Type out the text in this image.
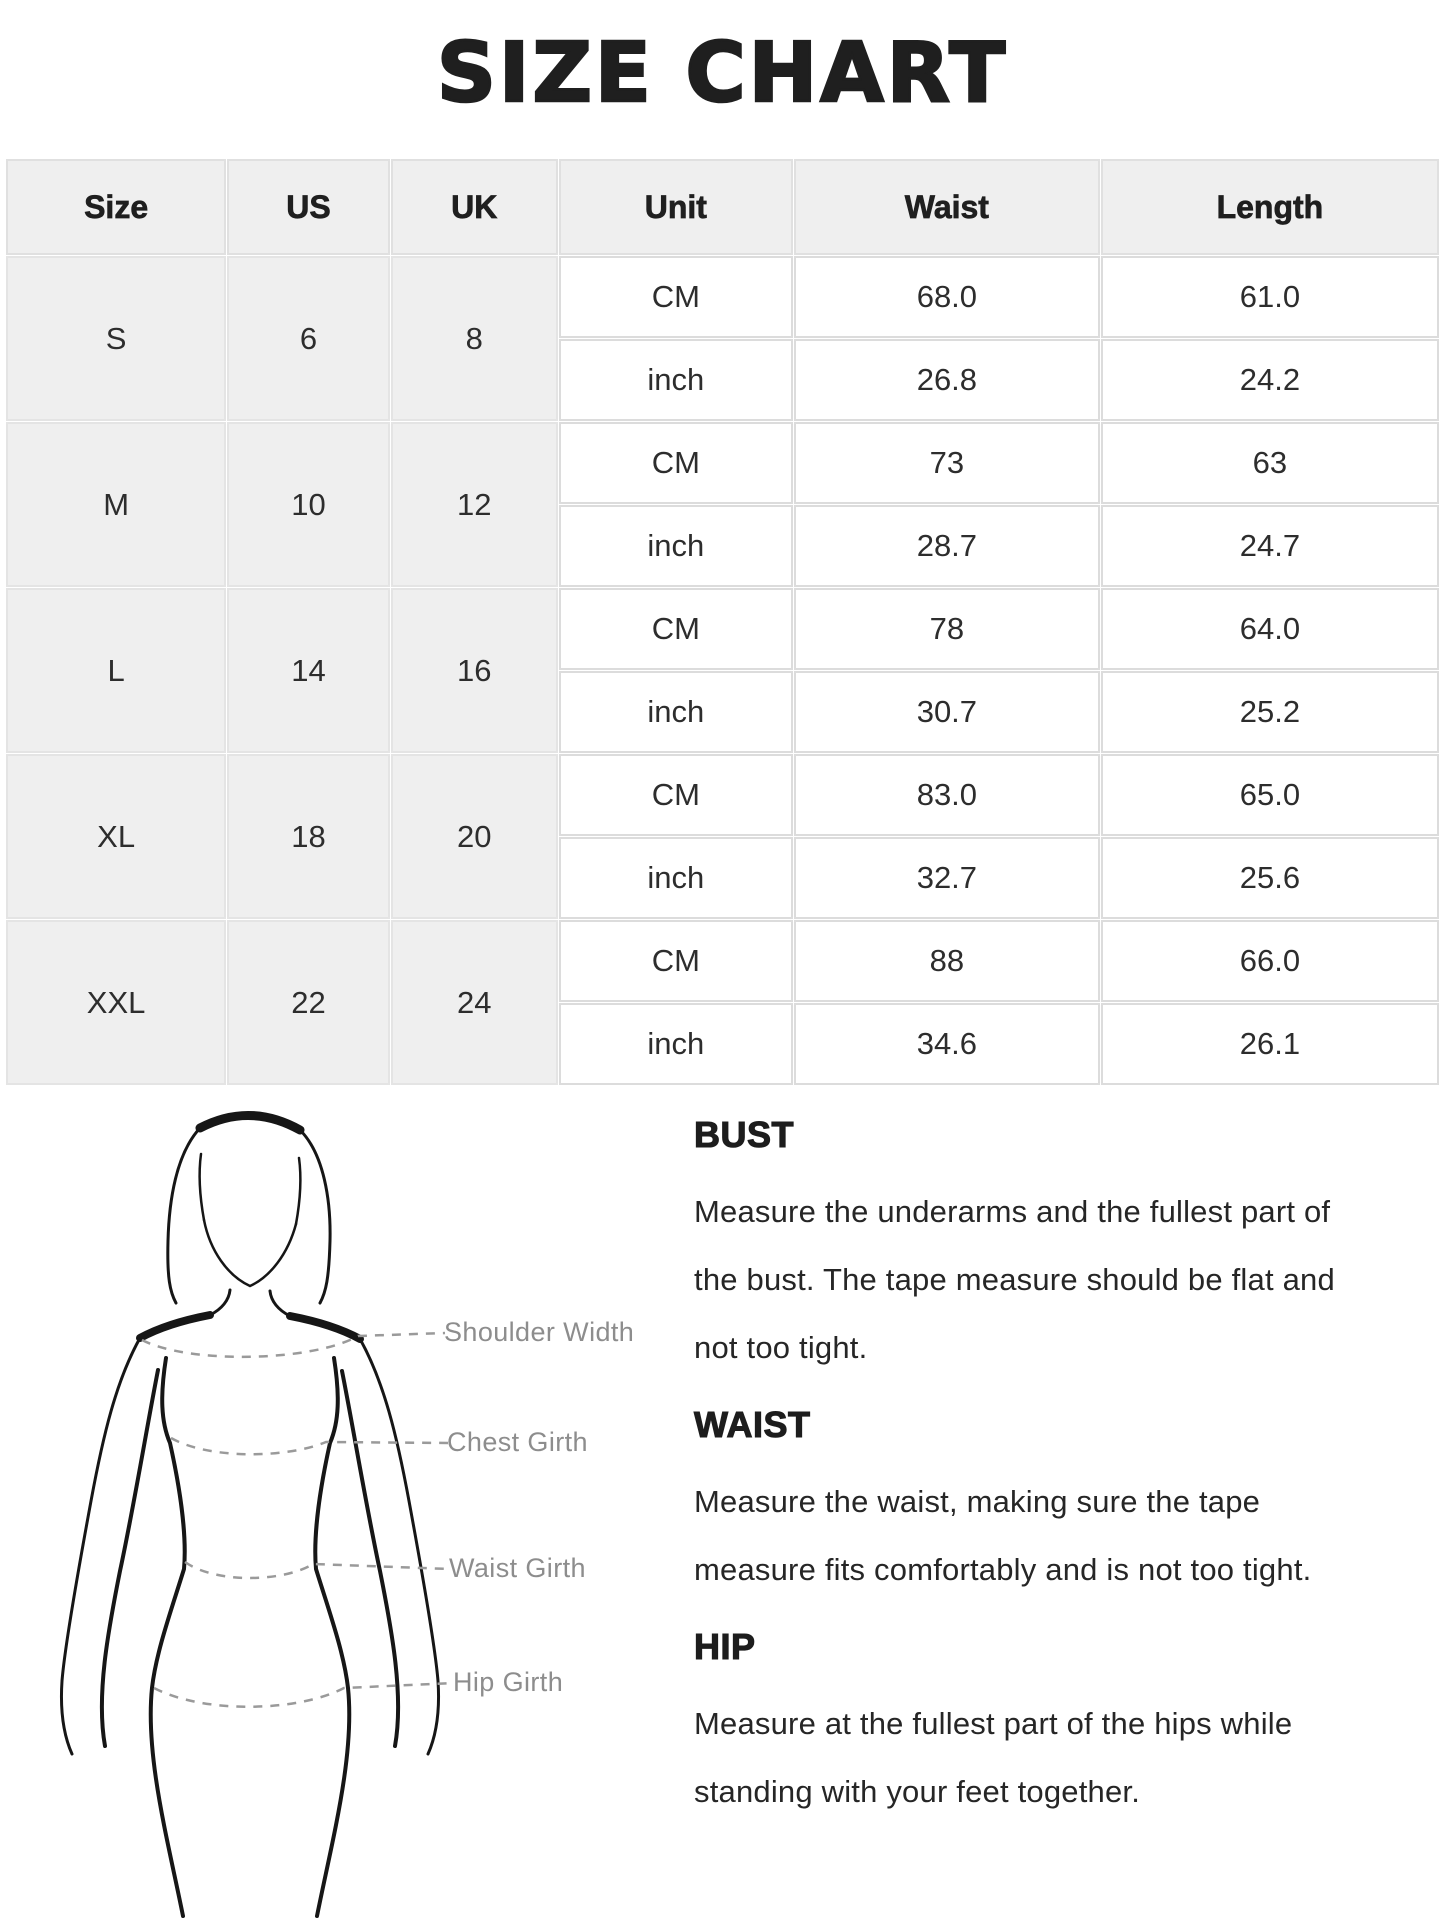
SIZE CHART
Size	US	UK	Unit	Waist	Length
S	6	8	CM	68.0	61.0
			inch	26.8	24.2
M	10	12	CM	73	63
			inch	28.7	24.7
L	14	16	CM	78	64.0
			inch	30.7	25.2
XL	18	20	CM	83.0	65.0
			inch	32.7	25.6
XXL	22	24	CM	88	66.0
			inch	34.6	26.1
Shoulder Width
Chest Girth
Waist Girth
Hip Girth
BUST

Measure the underarms and the fullest part of the bust. The tape measure should be flat and not too tight.

WAIST

Measure the waist, making sure the tape measure fits comfortably and is not too tight.

HIP

Measure at the fullest part of the hips while standing with your feet together.
